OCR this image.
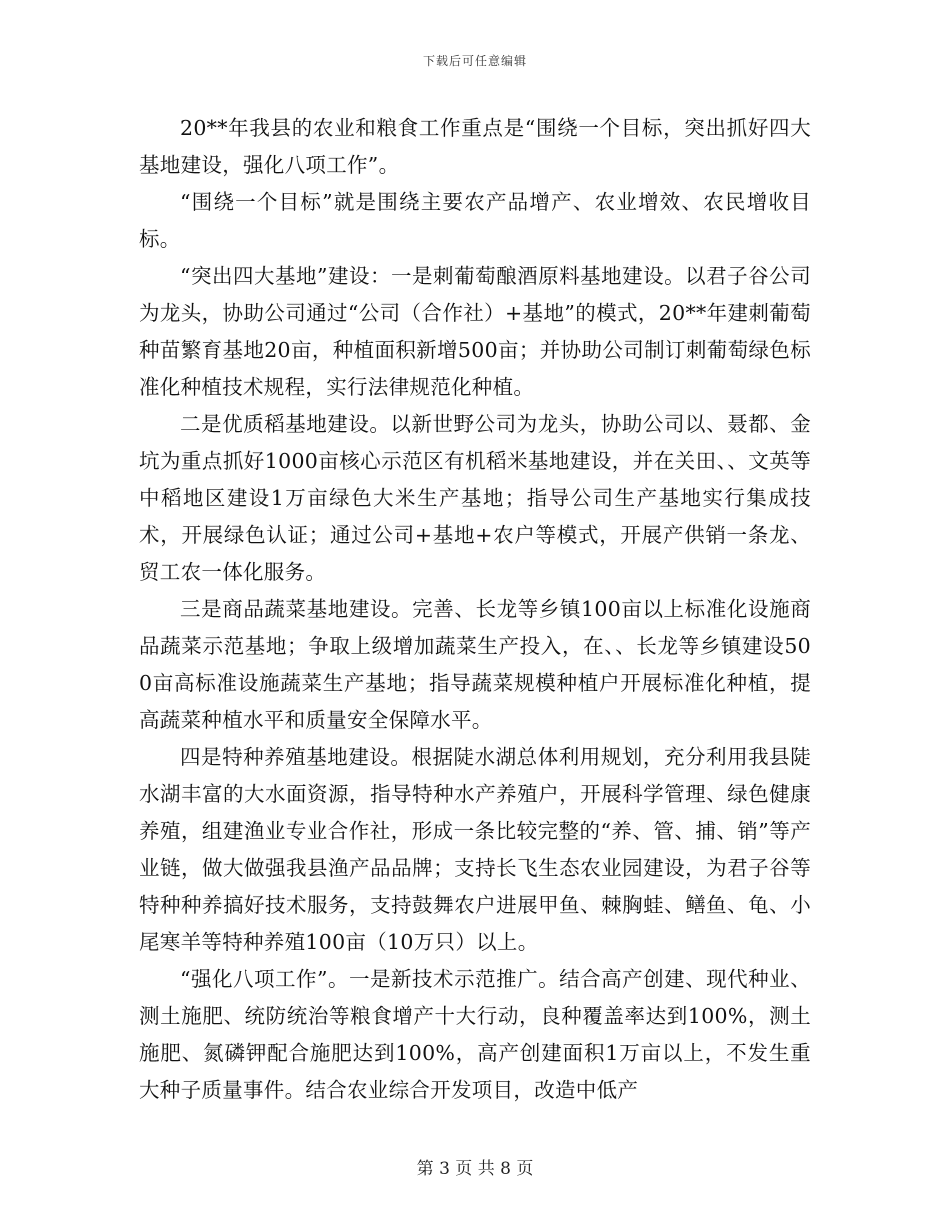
下载后可任意编辑

20**年我县的农业和粮食工作重点是“围绕一个目标，突出抓好四大基地建设，强化八项工作”。

“围绕一个目标”就是围绕主要农产品增产、农业增效、农民增收目标。

“突出四大基地”建设：一是刺葡萄酿酒原料基地建设。以君子谷公司为龙头，协助公司通过“公司（合作社）+基地”的模式，20**年建刺葡萄种苗繁育基地20亩，种植面积新增500亩；并协助公司制订刺葡萄绿色标准化种植技术规程，实行法律规范化种植。

二是优质稻基地建设。以新世野公司为龙头，协助公司以、聂都、金坑为重点抓好1000亩核心示范区有机稻米基地建设，并在关田、、文英等中稻地区建设1万亩绿色大米生产基地；指导公司生产基地实行集成技术，开展绿色认证；通过公司+基地+农户等模式，开展产供销一条龙、贸工农一体化服务。

三是商品蔬菜基地建设。完善、长龙等乡镇100亩以上标准化设施商品蔬菜示范基地；争取上级增加蔬菜生产投入，在、、长龙等乡镇建设500亩高标准设施蔬菜生产基地；指导蔬菜规模种植户开展标准化种植，提高蔬菜种植水平和质量安全保障水平。

四是特种养殖基地建设。根据陡水湖总体利用规划，充分利用我县陡水湖丰富的大水面资源，指导特种水产养殖户，开展科学管理、绿色健康养殖，组建渔业专业合作社，形成一条比较完整的“养、管、捕、销”等产业链，做大做强我县渔产品品牌；支持长飞生态农业园建设，为君子谷等特种种养搞好技术服务，支持鼓舞农户进展甲鱼、棘胸蛙、鳝鱼、龟、小尾寒羊等特种养殖100亩（10万只）以上。

“强化八项工作”。一是新技术示范推广。结合高产创建、现代种业、测土施肥、统防统治等粮食增产十大行动，良种覆盖率达到100%，测土施肥、氮磷钾配合施肥达到100%，高产创建面积1万亩以上，不发生重大种子质量事件。结合农业综合开发项目，改造中低产

第 3 页 共 8 页
